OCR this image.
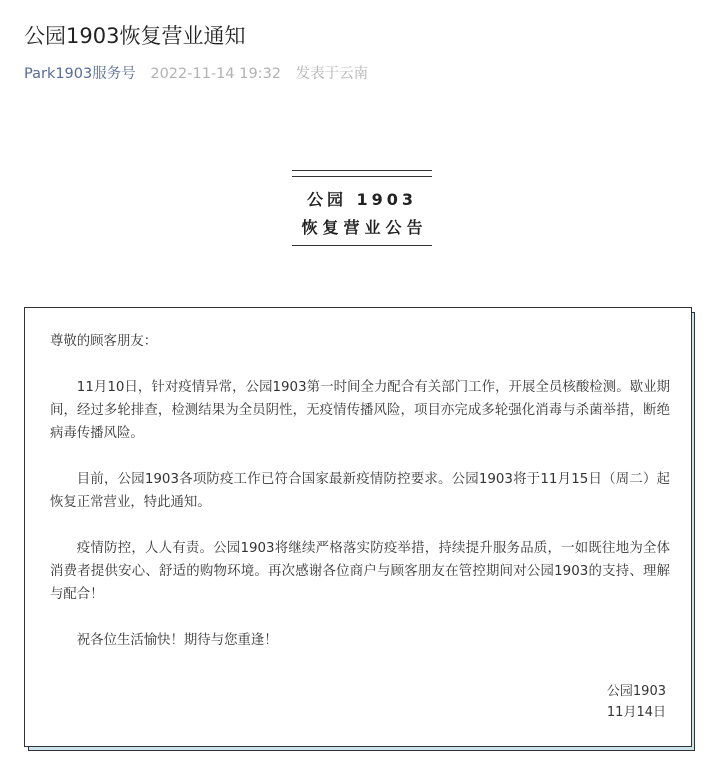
公园1903恢复营业通知
Park1903服务号 2022-11-14 19:32 发表于云南
公园 1903
恢复营业公告

尊敬的顾客朋友：

11月10日，针对疫情异常，公园1903第一时间全力配合有关部门工作，开展全员核酸检测。歇业期间，经过多轮排查，检测结果为全员阴性，无疫情传播风险，项目亦完成多轮强化消毒与杀菌举措，断绝病毒传播风险。

目前，公园1903各项防疫工作已符合国家最新疫情防控要求。公园1903将于11月15日（周二）起恢复正常营业，特此通知。

疫情防控，人人有责。公园1903将继续严格落实防疫举措，持续提升服务品质，一如既往地为全体消费者提供安心、舒适的购物环境。再次感谢各位商户与顾客朋友在管控期间对公园1903的支持、理解与配合！

祝各位生活愉快！期待与您重逢！

公园1903
11月14日
